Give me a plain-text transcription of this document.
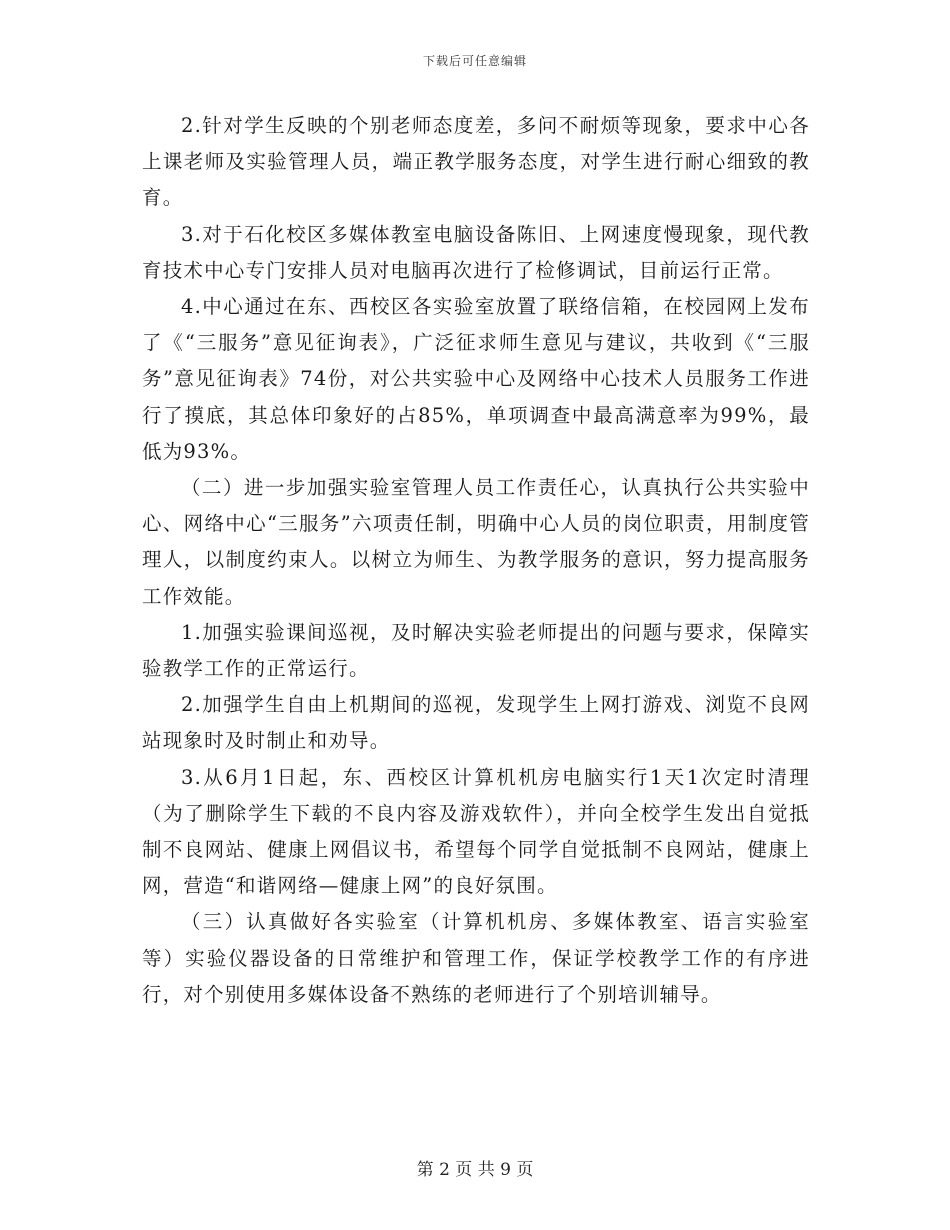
下载后可任意编辑

2.针对学生反映的个别老师态度差，多问不耐烦等现象，要求中心各上课老师及实验管理人员，端正教学服务态度，对学生进行耐心细致的教育。

3.对于石化校区多媒体教室电脑设备陈旧、上网速度慢现象，现代教育技术中心专门安排人员对电脑再次进行了检修调试，目前运行正常。

4.中心通过在东、西校区各实验室放置了联络信箱，在校园网上发布了《“三服务”意见征询表》，广泛征求师生意见与建议，共收到《“三服务”意见征询表》74份，对公共实验中心及网络中心技术人员服务工作进行了摸底，其总体印象好的占85%，单项调查中最高满意率为99%，最低为93%。

（二）进一步加强实验室管理人员工作责任心，认真执行公共实验中心、网络中心“三服务”六项责任制，明确中心人员的岗位职责，用制度管理人，以制度约束人。以树立为师生、为教学服务的意识，努力提高服务工作效能。

1.加强实验课间巡视，及时解决实验老师提出的问题与要求，保障实验教学工作的正常运行。

2.加强学生自由上机期间的巡视，发现学生上网打游戏、浏览不良网站现象时及时制止和劝导。

3.从6月1日起，东、西校区计算机机房电脑实行1天1次定时清理（为了删除学生下载的不良内容及游戏软件），并向全校学生发出自觉抵制不良网站、健康上网倡议书，希望每个同学自觉抵制不良网站，健康上网，营造“和谐网络—健康上网”的良好氛围。

（三）认真做好各实验室（计算机机房、多媒体教室、语言实验室等）实验仪器设备的日常维护和管理工作，保证学校教学工作的有序进行，对个别使用多媒体设备不熟练的老师进行了个别培训辅导。

第 2 页 共 9 页
